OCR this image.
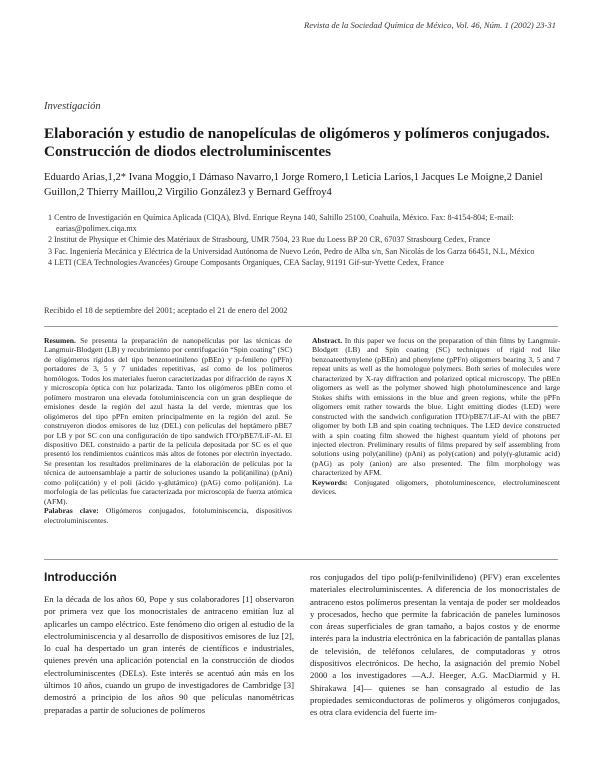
Revista de la Sociedad Química de México, Vol. 46, Núm. 1 (2002) 23-31
Investigación
Elaboración y estudio de nanopelículas de oligómeros y polímeros conjugados. Construcción de diodos electroluminiscentes
Eduardo Arias,1,2* Ivana Moggio,1 Dámaso Navarro,1 Jorge Romero,1 Leticia Larios,1 Jacques Le Moigne,2 Daniel Guillon,2 Thierry Maillou,2 Virgilio González3 y Bernard Geffroy4

1 Centro de Investigación en Química Aplicada (CIQA), Blvd. Enrique Reyna 140, Saltillo 25100, Coahuila, México. Fax: 8-4154-804; E-mail: earias@polimex.ciqa.mx

2 Institut de Physique et Chimie des Matériaux de Strasbourg, UMR 7504, 23 Rue du Loess BP 20 CR, 67037 Strasbourg Cedex, France

3 Fac. Ingeniería Mecánica y Eléctrica de la Universidad Autónoma de Nuevo León, Pedro de Alba s/n, San Nicolás de los Garza 66451, N.L, México

4 LETI (CEA Technologies Avancées) Groupe Composants Organiques, CEA Saclay, 91191 Gif-sur-Yvette Cedex, France

Recibido el 18 de septiembre del 2001; aceptado el 21 de enero del 2002

Resumen. Se presenta la preparación de nanopelículas por las técnicas de Langmuir-Blodgett (LB) y recubrimiento por centrifugación “Spin coating” (SC) de oligómeros rígidos del tipo benzotoetinileno (pBEn) y p-fenileno (pPFn) portadores de 3, 5 y 7 unidades repetitivas, así como de los polímeros homólogos. Todos los materiales fueron caracterizadas por difracción de rayos X y microscopía óptica con luz polarizada. Tanto los oligómeros pBEn como el polímero mostraron una elevada fotoluminiscencia con un gran desplieque de emisiones desde la región del azul hasta la del verde, mientras que los oligómeros del tipo pPFn emiten principalmente en la región del azul. Se construyeron diodos emisores de luz (DEL) con películas del heptámero pBE7 por LB y por SC con una configuración de tipo sandwich ITO/pBE7/LiF-Al. El dispositivo DEL construido a partir de la película depositada por SC es el que presentó los rendimientos cuánticos más altos de fotones por electrón inyectado. Se presentan los resultados preliminares de la elaboración de películas por la técnica de autoensamblaje a partir de soluciones usando la poli(anilina) (pAni) como poli(catión) y el poli (ácido γ-glutámico) (pAG) como poli(anión). La morfología de las películas fue caracterizada por microscopía de fuerza atómica (AFM).

Palabras clave: Oligómeros conjugados, fotoluminiscencia, dispositivos electroluminiscentes.

Abstract. In this paper we focus on the preparation of thin films by Langmuir-Blodgett (LB) and Spin coating (SC) techniques of rigid rod like benzoateethynylene (pBEn) and phenylene (pPFn) oligomers bearing 3, 5 and 7 repeat units as well as the homologue polymers. Both series of molecules were characterized by X-ray diffraction and polarized optical microscopy. The pBEn oligomers as well as the polymer showed high photoluminescence and large Stokes shifts with emissions in the blue and green regions, while the pPFn oligomers emit rather towards the blue. Light emitting diodes (LED) were constructed with the sandwich configuration ITO/pBE7/LiF-Al with the pBE7 oligomer by both LB and spin coating techniques. The LED device constructed with a spin coating film showed the highest quantum yield of photons per injected electron. Preliminary results of films prepared by self assembling from solutions using poly(aniline) (pAni) as poly(cation) and poly(γ-glutamic acid) (pAG) as poly (anion) are also presented. The film morphology was characterized by AFM.

Keywords: Conjugated oligomers, photoluminescence, electroluminescent devices.

Introducción

En la década de los años 60, Pope y sus colaboradores [1] observaron por primera vez que los monocristales de antraceno emitían luz al aplicarles un campo eléctrico. Este fenómeno dio origen al estudio de la electroluminiscencia y al desarrollo de dispositivos emisores de luz [2], lo cual ha despertado un gran interés de científicos e industriales, quienes prevén una aplicación potencial en la construcción de diodos electroluminiscentes (DELs). Este interés se acentuó aún más en los últimos 10 años, cuando un grupo de investigadores de Cambridge [3] demostró a principio de los años 90 que películas nanométricas preparadas a partir de soluciones de polímeros

ros conjugados del tipo poli(p-fenilvinilideno) (PFV) eran excelentes materiales electroluminiscentes. A diferencia de los monocristales de antraceno estos polímeros presentan la ventaja de poder ser moldeados y procesados, hecho que permite la fabricación de paneles luminosos con áreas superficiales de gran tamaño, a bajos costos y de enorme interés para la industria electrónica en la fabricación de pantallas planas de televisión, de teléfonos celulares, de computadoras y otros dispositivos electrónicos. De hecho, la asignación del premio Nobel 2000 a los investigadores —A.J. Heeger, A.G. MacDiarmid y H. Shirakawa [4]— quienes se han consagrado al estudio de las propiedades semiconductoras de polímeros y oligómeros conjugados, es otra clara evidencia del fuerte im-
